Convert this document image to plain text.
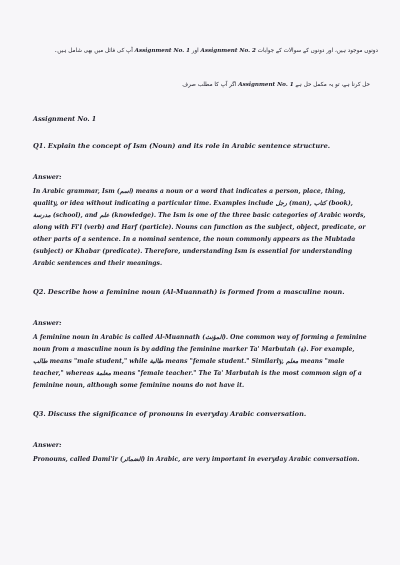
دونوں موجود ہیں، اور دونوں کے سوالات کے جوابات Assignment No. 2 اور Assignment No. 1 آپ کی فائل میں بھی شامل ہیں۔

حل کرنا ہے، تو یہ مکمل حل ہے Assignment No. 1 اگر آپ کا مطلب صرف

Assignment No. 1

Q1. Explain the concept of Ism (Noun) and its role in Arabic sentence structure.

Answer:

In Arabic grammar, Ism (اسم) means a noun or a word that indicates a person, place, thing, quality, or idea without indicating a particular time. Examples include رجل (man), كتاب (book), مدرسة (school), and علم (knowledge). The Ism is one of the three basic categories of Arabic words, along with Fi'l (verb) and Harf (particle). Nouns can function as the subject, object, predicate, or other parts of a sentence. In a nominal sentence, the noun commonly appears as the Mubtada (subject) or Khabar (predicate). Therefore, understanding Ism is essential for understanding Arabic sentences and their meanings.

Q2. Describe how a feminine noun (Al-Muannath) is formed from a masculine noun.

Answer:

A feminine noun in Arabic is called Al-Muannath (المؤنث). One common way of forming a feminine noun from a masculine noun is by adding the feminine marker Ta' Marbutah (ة). For example, طالب means "male student," while طالبة means "female student." Similarly, معلم means "male teacher," whereas معلمة means "female teacher." The Ta' Marbutah is the most common sign of a feminine noun, although some feminine nouns do not have it.

Q3. Discuss the significance of pronouns in everyday Arabic conversation.

Answer:

Pronouns, called Dami'ir (الضمائر) in Arabic, are very important in everyday Arabic conversation.
